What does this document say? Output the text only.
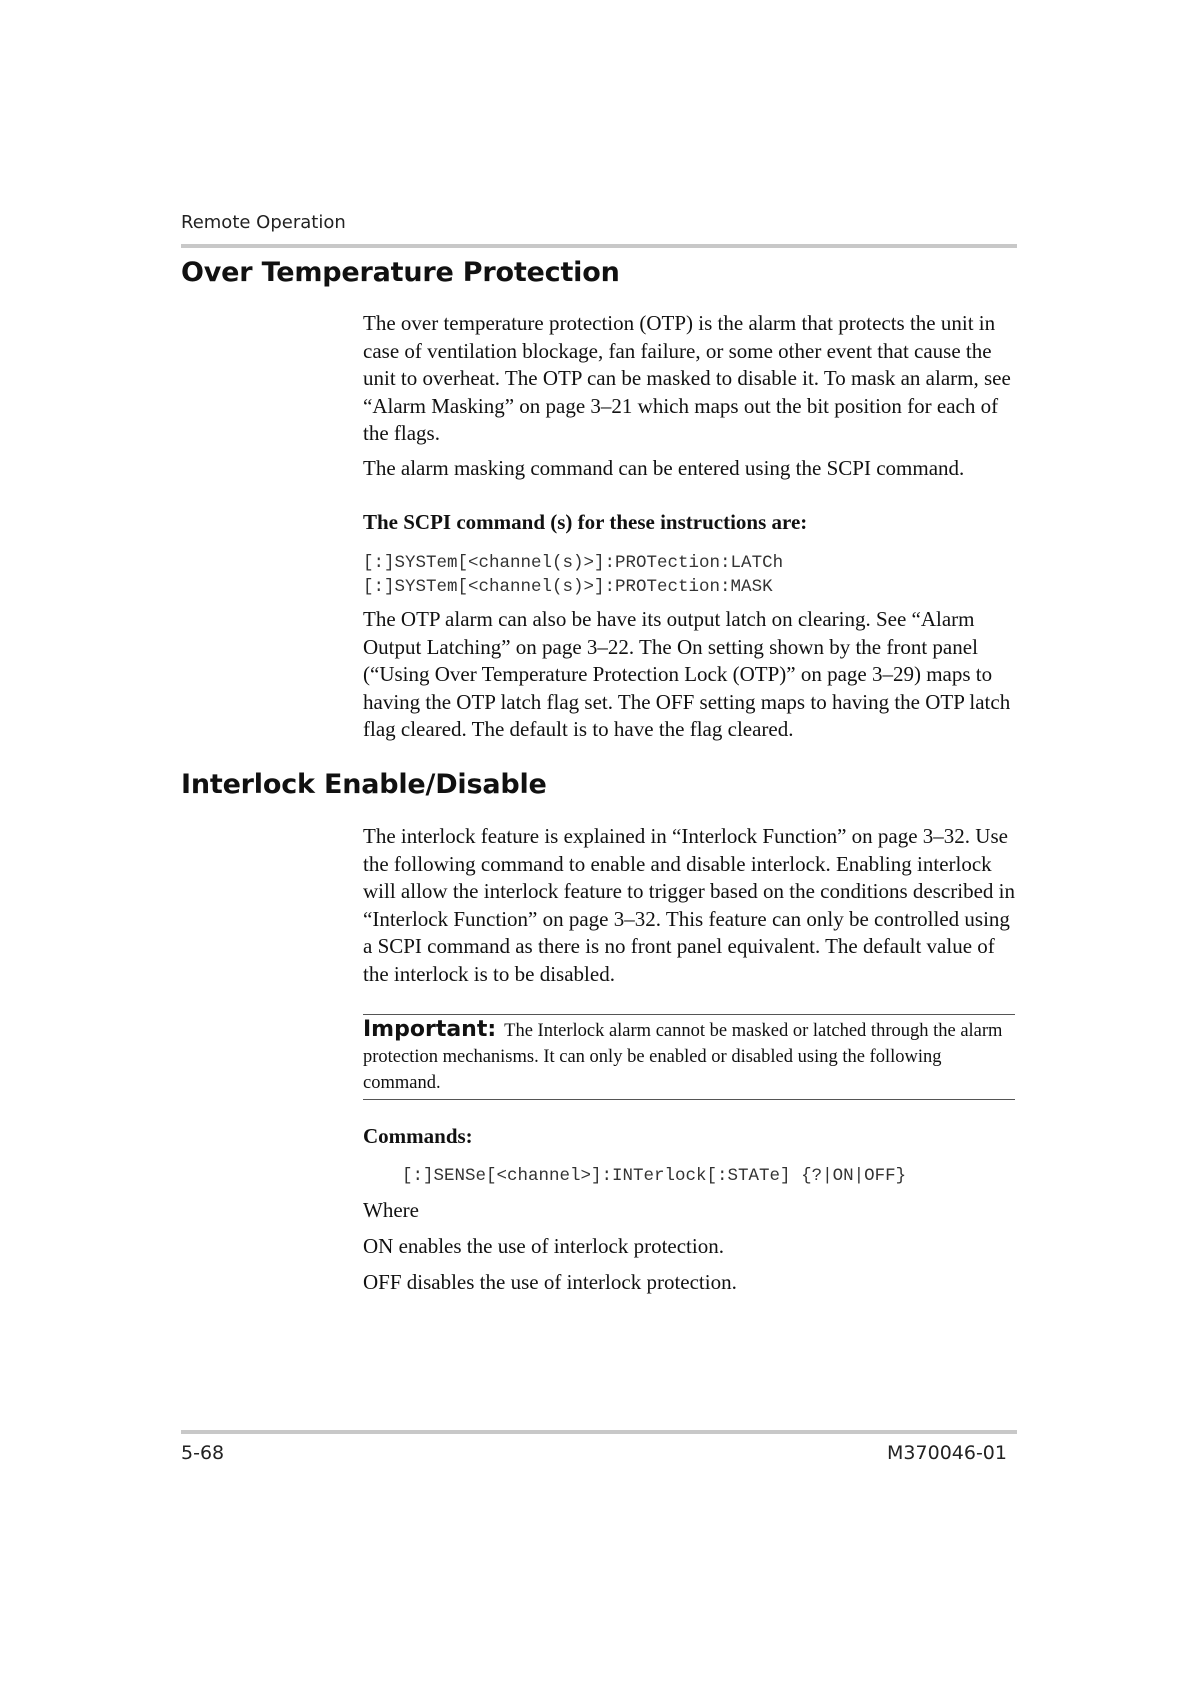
Remote Operation
Over Temperature Protection

The over temperature protection (OTP) is the alarm that protects the unit in case of ventilation blockage, fan failure, or some other event that cause the unit to overheat. The OTP can be masked to disable it. To mask an alarm, see “Alarm Masking” on page 3–21 which maps out the bit position for each of the flags.

The alarm masking command can be entered using the SCPI command.

The SCPI command (s) for these instructions are:

[:]SYSTem[<channel(s)>]:PROTection:LATCh

[:]SYSTem[<channel(s)>]:PROTection:MASK

The OTP alarm can also be have its output latch on clearing. See “Alarm Output Latching” on page 3–22. The On setting shown by the front panel (“Using Over Temperature Protection Lock (OTP)” on page 3–29) maps to having the OTP latch flag set. The OFF setting maps to having the OTP latch flag cleared. The default is to have the flag cleared.

Interlock Enable/Disable

The interlock feature is explained in “Interlock Function” on page 3–32. Use the following command to enable and disable interlock. Enabling interlock will allow the interlock feature to trigger based on the conditions described in “Interlock Function” on page 3–32. This feature can only be controlled using a SCPI command as there is no front panel equivalent. The default value of the interlock is to be disabled.

Important: The Interlock alarm cannot be masked or latched through the alarm protection mechanisms. It can only be enabled or disabled using the following command.

Commands:

[:]SENSe[<channel>]:INTerlock[:STATe] {?|ON|OFF}

Where

ON enables the use of interlock protection.

OFF disables the use of interlock protection.

5-68	M370046-01
